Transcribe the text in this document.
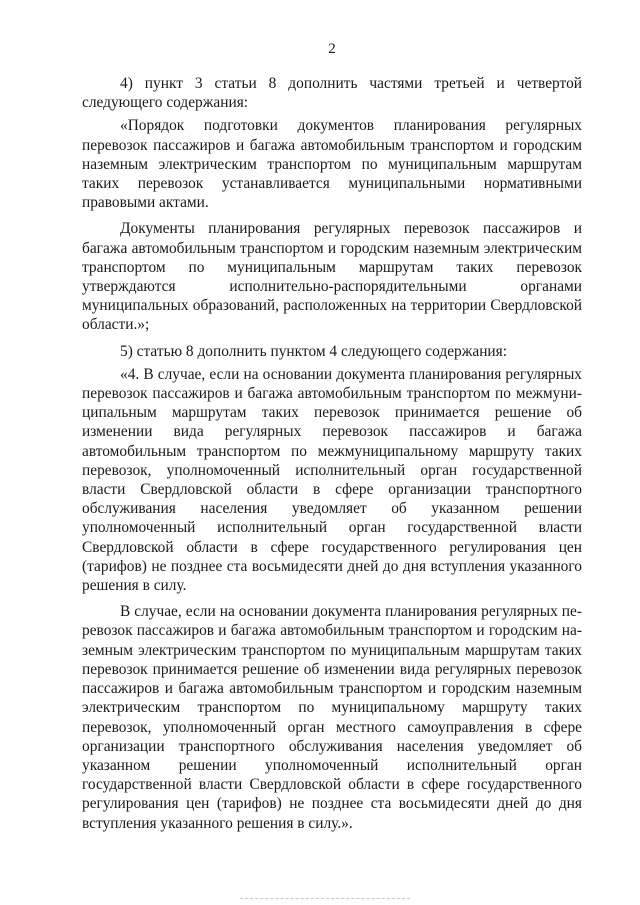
2

4) пункт 3 статьи 8 дополнить частями третьей и четвертой следующего содержания:

«Порядок подготовки документов планирования регулярных перевозок пассажиров и багажа автомобильным транспортом и городским наземным электрическим транспортом по муниципальным маршрутам таких перевозок устанавливается муниципальными нормативными правовыми актами.

Документы планирования регулярных перевозок пассажиров и багажа автомобильным транспортом и городским наземным электрическим транспортом по муниципальным маршрутам таких перевозок утверждаются исполнительно-распорядительными органами муниципальных образований, расположенных на территории Свердловской области.»;

5) статью 8 дополнить пунктом 4 следующего содержания:

«4. В случае, если на основании документа планирования регулярных перевозок пассажиров и багажа автомобильным транспортом по межмуниципальным маршрутам таких перевозок принимается решение об изменении вида регулярных перевозок пассажиров и багажа автомобильным транспортом по межмуниципальному маршруту таких перевозок, уполномоченный исполнительный орган государственной власти Свердловской области в сфере организации транспортного обслуживания населения уведомляет об указанном решении уполномоченный исполнительный орган государственной власти Свердловской области в сфере государственного регулирования цен (тарифов) не позднее ста восьмидесяти дней до дня вступления указанного решения в силу.

В случае, если на основании документа планирования регулярных перевозок пассажиров и багажа автомобильным транспортом и городским наземным электрическим транспортом по муниципальным маршрутам таких перевозок принимается решение об изменении вида регулярных перевозок пассажиров и багажа автомобильным транспортом и городским наземным электрическим транспортом по муниципальному маршруту таких перевозок, уполномоченный орган местного самоуправления в сфере организации транспортного обслуживания населения уведомляет об указанном решении уполномоченный исполнительный орган государственной власти Свердловской области в сфере государственного регулирования цен (тарифов) не позднее ста восьмидесяти дней до дня вступления указанного решения в силу.».
